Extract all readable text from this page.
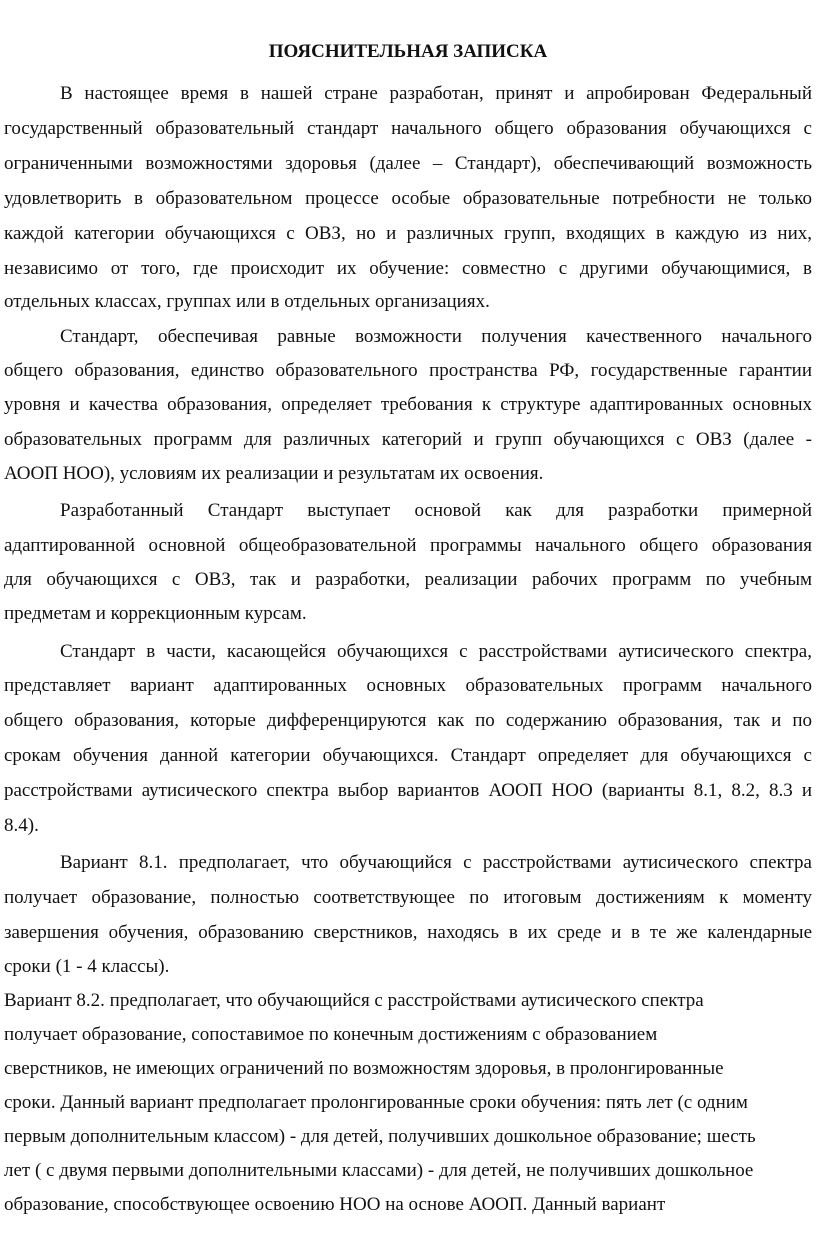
ПОЯСНИТЕЛЬНАЯ ЗАПИСКА
В настоящее время в нашей стране разработан, принят и апробирован Федеральный
государственный образовательный стандарт начального общего образования обучающихся с
ограниченными возможностями здоровья (далее – Стандарт), обеспечивающий возможность
удовлетворить в образовательном процессе особые образовательные потребности не только
каждой категории обучающихся с ОВЗ, но и различных групп, входящих в каждую из них,
независимо от того, где происходит их обучение: совместно с другими обучающимися, в
отдельных классах, группах или в отдельных организациях.
Стандарт, обеспечивая равные возможности получения качественного начального
общего образования, единство образовательного пространства РФ, государственные гарантии
уровня и качества образования, определяет требования к структуре адаптированных основных
образовательных программ для различных категорий и групп обучающихся с ОВЗ (далее -
АООП НОО), условиям их реализации и результатам их освоения.
Разработанный Стандарт выступает основой как для разработки примерной
адаптированной основной общеобразовательной программы начального общего образования
для обучающихся с ОВЗ, так и разработки, реализации рабочих программ по учебным
предметам и коррекционным курсам.
Стандарт в части, касающейся обучающихся с расстройствами аутисического спектра,
представляет вариант адаптированных основных образовательных программ начального
общего образования, которые дифференцируются как по содержанию образования, так и по
срокам обучения данной категории обучающихся. Стандарт определяет для обучающихся с
расстройствами аутисического спектра выбор вариантов АООП НОО (варианты 8.1, 8.2, 8.3 и
8.4).
Вариант 8.1. предполагает, что обучающийся с расстройствами аутисического спектра
получает образование, полностью соответствующее по итоговым достижениям к моменту
завершения обучения, образованию сверстников, находясь в их среде и в те же календарные
сроки (1 - 4 классы).
Вариант 8.2. предполагает, что обучающийся с расстройствами аутисического спектра
получает образование, сопоставимое по конечным достижениям с образованием
сверстников, не имеющих ограничений по возможностям здоровья, в пролонгированные
сроки. Данный вариант предполагает пролонгированные сроки обучения: пять лет (с одним
первым дополнительным классом) - для детей, получивших дошкольное образование; шесть
лет ( с двумя первыми дополнительными классами) - для детей, не получивших дошкольное
образование, способствующее освоению НОО на основе АООП. Данный вариант
